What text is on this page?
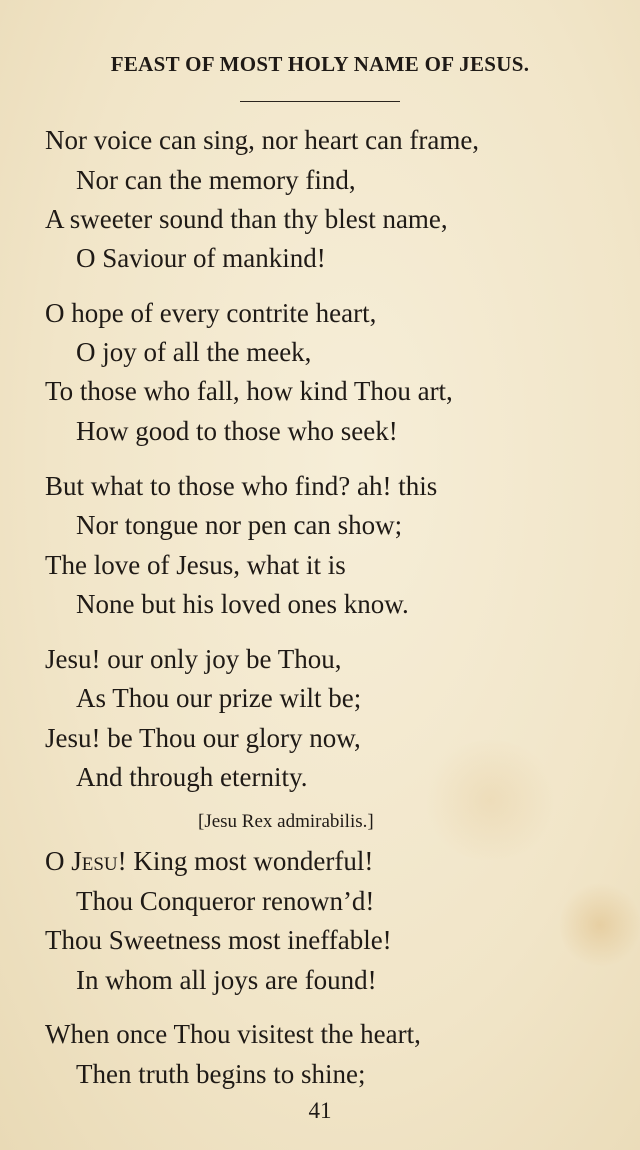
FEAST OF MOST HOLY NAME OF JESUS.
Nor voice can sing, nor heart can frame,
Nor can the memory find,
A sweeter sound than thy blest name,
O Saviour of mankind!
O hope of every contrite heart,
O joy of all the meek,
To those who fall, how kind Thou art,
How good to those who seek!
But what to those who find? ah! this
Nor tongue nor pen can show;
The love of Jesus, what it is
None but his loved ones know.
Jesu! our only joy be Thou,
As Thou our prize wilt be;
Jesu! be Thou our glory now,
And through eternity.
[Jesu Rex admirabilis.]
O Jesu! King most wonderful!
Thou Conqueror renown’d!
Thou Sweetness most ineffable!
In whom all joys are found!
When once Thou visitest the heart,
Then truth begins to shine;
41
